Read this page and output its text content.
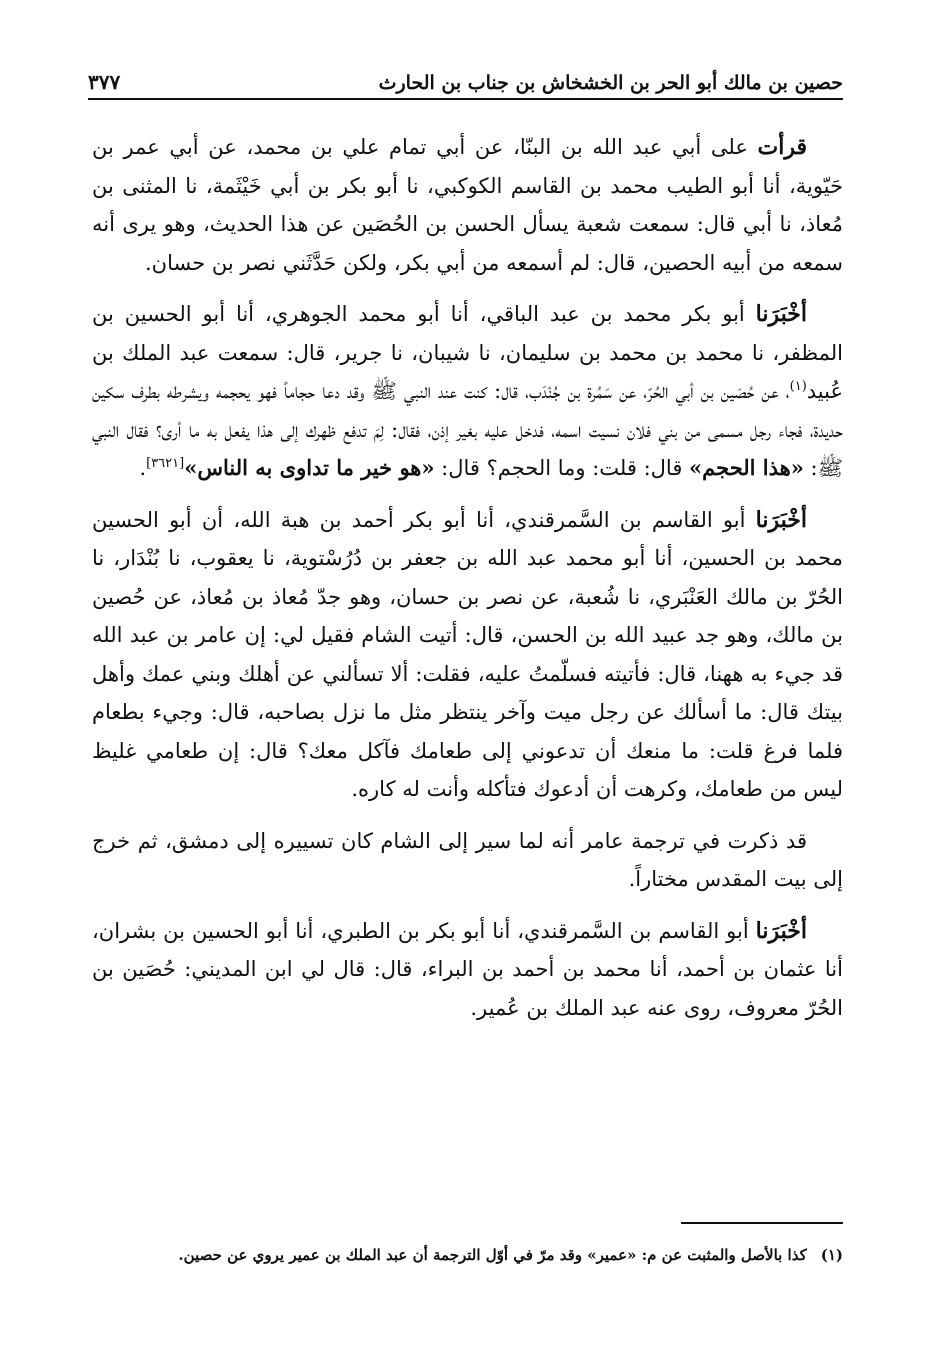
حصين بن مالك أبو الحر بن الخشخاش بن جناب بن الحارث
٣٧٧

قرأت على أبي عبد الله بن البنّا، عن أبي تمام علي بن محمد، عن أبي عمر بن حَيّوية، أنا أبو الطيب محمد بن القاسم الكوكبي، نا أبو بكر بن أبي خَيْثَمة، نا المثنى بن مُعاذ، نا أبي قال: سمعت شعبة يسأل الحسن بن الحُصَين عن هذا الحديث، وهو يرى أنه سمعه من أبيه الحصين، قال: لم أسمعه من أبي بكر، ولكن حَدَّثَني نصر بن حسان.

أخْبَرَنا أبو بكر محمد بن عبد الباقي، أنا أبو محمد الجوهري، أنا أبو الحسين بن المظفر، نا محمد بن محمد بن سليمان، نا شيبان، نا جرير، قال: سمعت عبد الملك بن عُبيد$^{(١)}$، عن حُصَين بن أبي الحُرّ، عن سَمُرة بن جُنْدَب، قال: كنت عند النبي ﷺ وقد دعا حجاماً فهو يحجمه ويشرطه بطرف سكين حديدة، فجاء رجل مسمى من بني فلان نسيت اسمه، فدخل عليه بغير إذن، فقال: لِمَ تدفع ظهرك إلى هذا يفعل به ما أرى؟ فقال النبي ﷺ: «هذا الحجم» قال: قلت: وما الحجم؟ قال: «هو خير ما تداوى به الناس»[٣٦٢١].

أخْبَرَنا أبو القاسم بن السَّمرقندي، أنا أبو بكر أحمد بن هبة الله، أن أبو الحسين محمد بن الحسين، أنا أبو محمد عبد الله بن جعفر بن دُرُسْتوية، نا يعقوب، نا بُنْدَار، نا الحُرّ بن مالك العَنْبَري، نا شُعبة، عن نصر بن حسان، وهو جدّ مُعاذ بن مُعاذ، عن حُصين بن مالك، وهو جد عبيد الله بن الحسن، قال: أتيت الشام فقيل لي: إن عامر بن عبد الله قد جيء به ههنا، قال: فأتيته فسلّمتُ عليه، فقلت: ألا تسألني عن أهلك وبني عمك وأهل بيتك قال: ما أسألك عن رجل ميت وآخر ينتظر مثل ما نزل بصاحبه، قال: وجيء بطعام فلما فرغ قلت: ما منعك أن تدعوني إلى طعامك فآكل معك؟ قال: إن طعامي غليظ ليس من طعامك، وكرهت أن أدعوك فتأكله وأنت له كاره.

قد ذكرت في ترجمة عامر أنه لما سير إلى الشام كان تسييره إلى دمشق، ثم خرج إلى بيت المقدس مختاراً.

أخْبَرَنا أبو القاسم بن السَّمرقندي، أنا أبو بكر بن الطبري، أنا أبو الحسين بن بشران، أنا عثمان بن أحمد، أنا محمد بن أحمد بن البراء، قال: قال لي ابن المديني: حُصَين بن الحُرّ معروف، روى عنه عبد الملك بن عُمير.

(١)كذا بالأصل والمثبت عن م: «عمير» وقد مرّ في أوّل الترجمة أن عبد الملك بن عمير يروي عن حصين.
